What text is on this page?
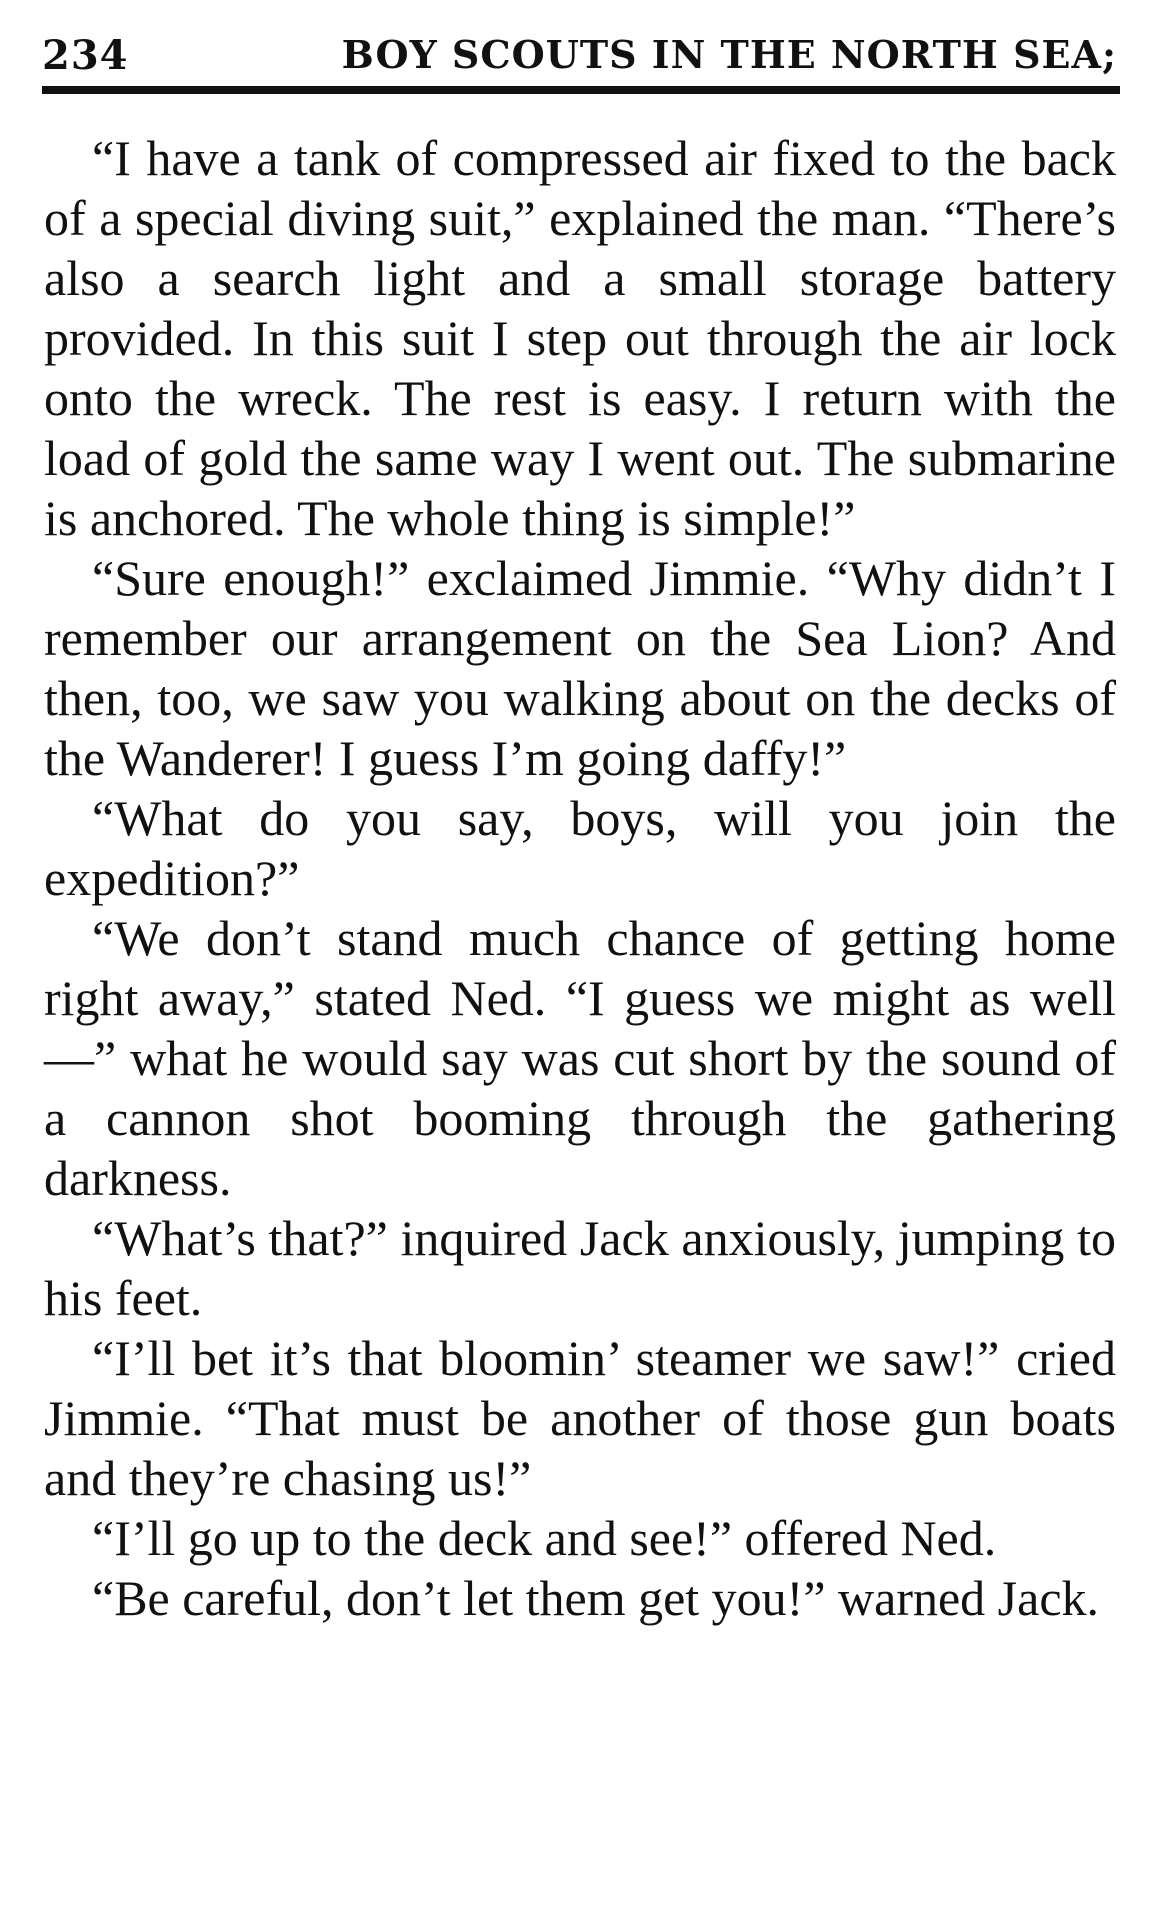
234	BOY SCOUTS IN THE NORTH SEA;

“I have a tank of compressed air fixed to the back of a special diving suit,” explained the man. “There’s also a search light and a small storage battery provided. In this suit I step out through the air lock onto the wreck. The rest is easy. I return with the load of gold the same way I went out. The submarine is anchored. The whole thing is simple!”

“Sure enough!” exclaimed Jimmie. “Why didn’t I remember our arrangement on the Sea Lion? And then, too, we saw you walking about on the decks of the Wanderer! I guess I’m going daffy!”

“What do you say, boys, will you join the expedition?”

“We don’t stand much chance of getting home right away,” stated Ned. “I guess we might as well—” what he would say was cut short by the sound of a cannon shot booming through the gathering darkness.

“What’s that?” inquired Jack anxiously, jumping to his feet.

“I’ll bet it’s that bloomin’ steamer we saw!” cried Jimmie. “That must be another of those gun boats and they’re chasing us!”

“I’ll go up to the deck and see!” offered Ned.

“Be careful, don’t let them get you!” warned Jack.
